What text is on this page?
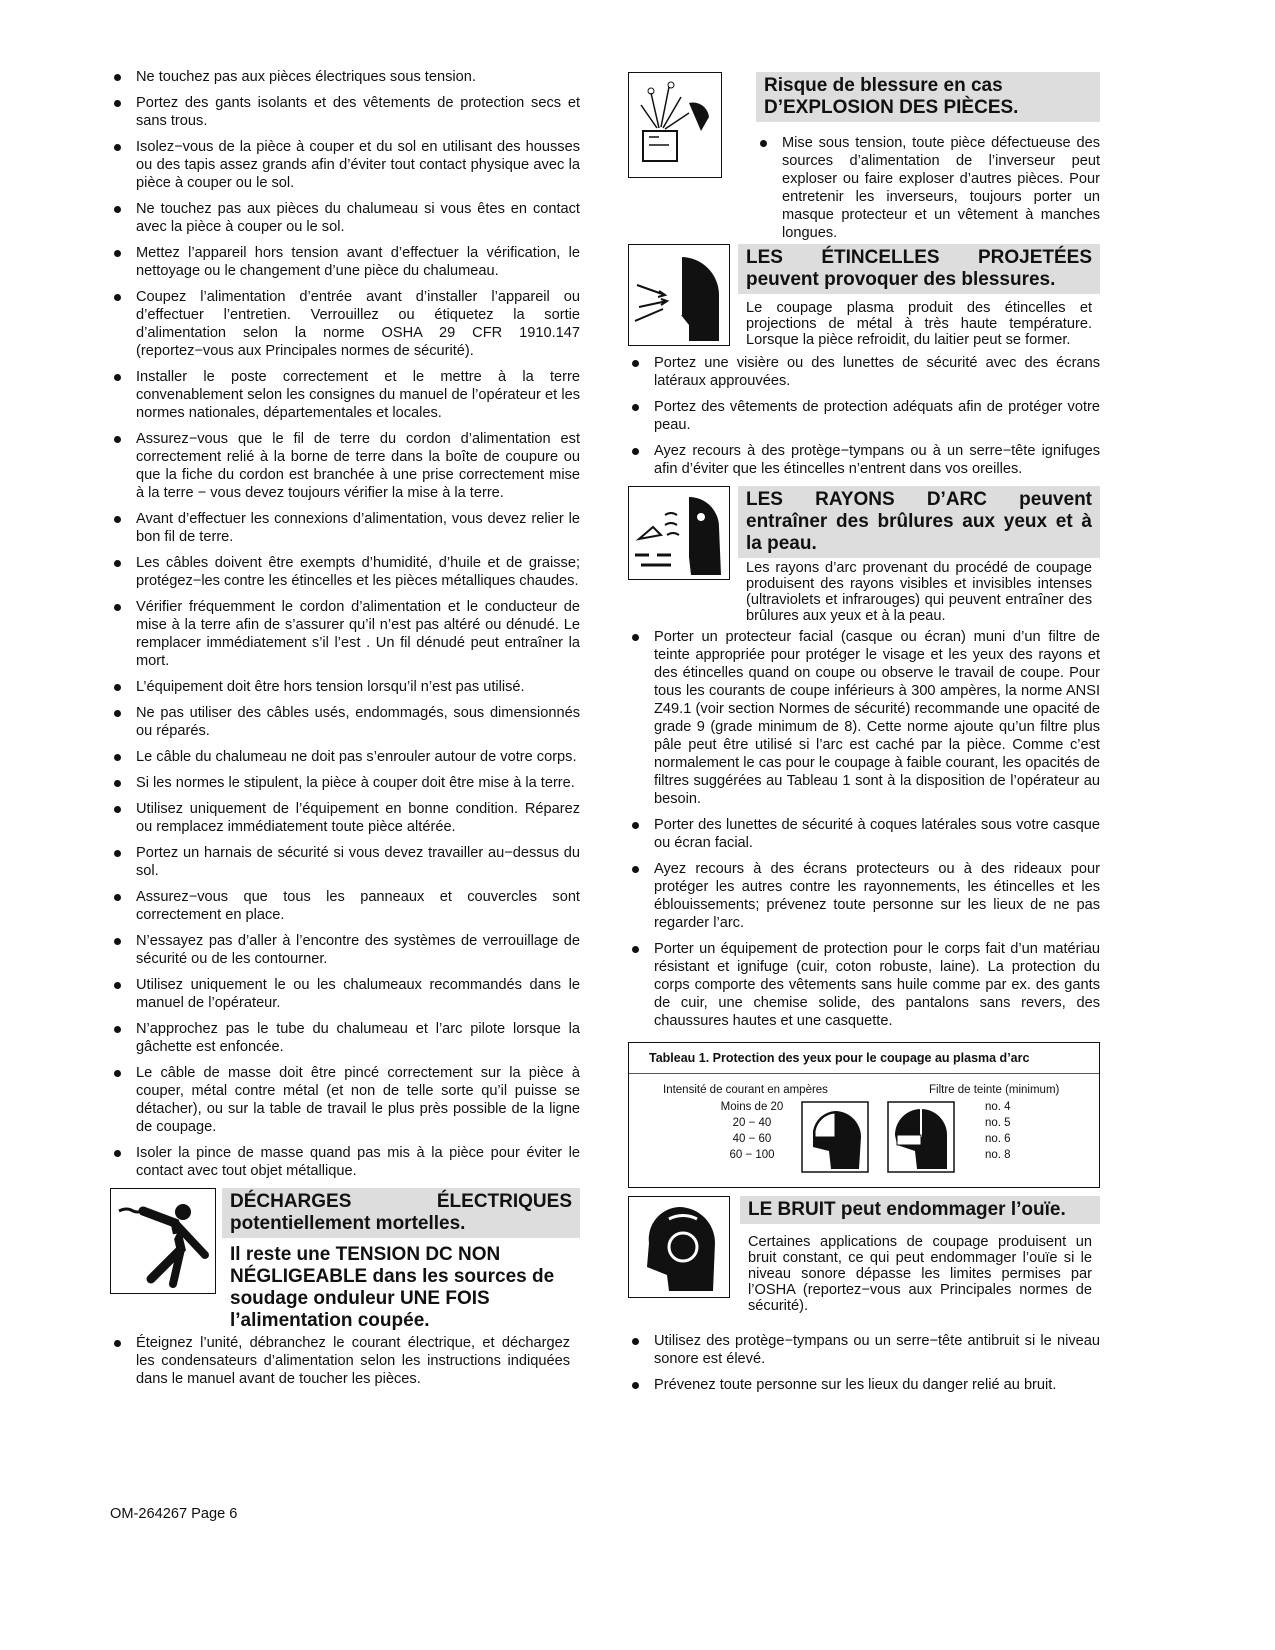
Ne touchez pas aux pièces électriques sous tension.
Portez des gants isolants et des vêtements de protection secs et sans trous.
Isolez−vous de la pièce à couper et du sol en utilisant des housses ou des tapis assez grands afin d’éviter tout contact physique avec la pièce à couper ou le sol.
Ne touchez pas aux pièces du chalumeau si vous êtes en contact avec la pièce à couper ou le sol.
Mettez l’appareil hors tension avant d’effectuer la vérification, le nettoyage ou le changement d’une pièce du chalumeau.
Coupez l’alimentation d’entrée avant d’installer l’appareil ou d’effectuer l’entretien. Verrouillez ou étiquetez la sortie d’alimentation selon la norme OSHA 29 CFR 1910.147 (reportez−vous aux Principales normes de sécurité).
Installer le poste correctement et le mettre à la terre convenablement selon les consignes du manuel de l’opérateur et les normes nationales, départementales et locales.
Assurez−vous que le fil de terre du cordon d’alimentation est correctement relié à la borne de terre dans la boîte de coupure ou que la fiche du cordon est branchée à une prise correctement mise à la terre − vous devez toujours vérifier la mise à la terre.
Avant d’effectuer les connexions d’alimentation, vous devez relier le bon fil de terre.
Les câbles doivent être exempts d’humidité, d’huile et de graisse; protégez−les contre les étincelles et les pièces métalliques chaudes.
Vérifier fréquemment le cordon d’alimentation et le conducteur de mise à la terre afin de s’assurer qu’il n’est pas altéré ou dénudé. Le remplacer immédiatement s’il l’est . Un fil dénudé peut entraîner la mort.
L’équipement doit être hors tension lorsqu’il n’est pas utilisé.
Ne pas utiliser des câbles usés, endommagés, sous dimensionnés ou réparés.
Le câble du chalumeau ne doit pas s’enrouler autour de votre corps.
Si les normes le stipulent, la pièce à couper doit être mise à la terre.
Utilisez uniquement de l’équipement en bonne condition. Réparez ou remplacez immédiatement toute pièce altérée.
Portez un harnais de sécurité si vous devez travailler au−dessus du sol.
Assurez−vous que tous les panneaux et couvercles sont correctement en place.
N’essayez pas d’aller à l’encontre des systèmes de verrouillage de sécurité ou de les contourner.
Utilisez uniquement le ou les chalumeaux recommandés dans le manuel de l’opérateur.
N’approchez pas le tube du chalumeau et l’arc pilote lorsque la gâchette est enfoncée.
Le câble de masse doit être pincé correctement sur la pièce à couper, métal contre métal (et non de telle sorte qu’il puisse se détacher), ou sur la table de travail le plus près possible de la ligne de coupage.
Isoler la pince de masse quand pas mis à la pièce pour éviter le contact avec tout objet métallique.
DÉCHARGES ÉLECTRIQUES potentiellement mortelles.
Il reste une TENSION DC NON NÉGLIGEABLE dans les sources de soudage onduleur UNE FOIS l’alimentation coupée.
Éteignez l’unité, débranchez le courant électrique, et déchargez les condensateurs d’alimentation selon les instructions indiquées dans le manuel avant de toucher les pièces.
Risque de blessure en cas D’EXPLOSION DES PIÈCES.
Mise sous tension, toute pièce défectueuse des sources d’alimentation de l’inverseur peut exploser ou faire exploser d’autres pièces. Pour entretenir les inverseurs, toujours porter un masque protecteur et un vêtement à manches longues.
LES ÉTINCELLES PROJETÉES peuvent provoquer des blessures.
Le coupage plasma produit des étincelles et projections de métal à très haute température. Lorsque la pièce refroidit, du laitier peut se former.
Portez une visière ou des lunettes de sécurité avec des écrans latéraux approuvées.
Portez des vêtements de protection adéquats afin de protéger votre peau.
Ayez recours à des protège−tympans ou à un serre−tête ignifuges afin d’éviter que les étincelles n’entrent dans vos oreilles.
LES RAYONS D’ARC peuvent entraîner des brûlures aux yeux et à la peau.
Les rayons d’arc provenant du procédé de coupage produisent des rayons visibles et invisibles intenses (ultraviolets et infrarouges) qui peuvent entraîner des brûlures aux yeux et à la peau.
Porter un protecteur facial (casque ou écran) muni d’un filtre de teinte appropriée pour protéger le visage et les yeux des rayons et des étincelles quand on coupe ou observe le travail de coupe. Pour tous les courants de coupe inférieurs à 300 ampères, la norme ANSI Z49.1 (voir section Normes de sécurité) recommande une opacité de grade 9 (grade minimum de 8). Cette norme ajoute qu’un filtre plus pâle peut être utilisé si l’arc est caché par la pièce. Comme c’est normalement le cas pour le coupage à faible courant, les opacités de filtres suggérées au Tableau 1 sont à la disposition de l’opérateur au besoin.
Porter des lunettes de sécurité à coques latérales sous votre casque ou écran facial.
Ayez recours à des écrans protecteurs ou à des rideaux pour protéger les autres contre les rayonnements, les étincelles et les éblouissements; prévenez toute personne sur les lieux de ne pas regarder l’arc.
Porter un équipement de protection pour le corps fait d’un matériau résistant et ignifuge (cuir, coton robuste, laine). La protection du corps comporte des vêtements sans huile comme par ex. des gants de cuir, une chemise solide, des pantalons sans revers, des chaussures hautes et une casquette.
Tableau 1. Protection des yeux pour le coupage au plasma d’arc
Intensité de courant en ampères	Filtre de teinte (minimum)
Moins de 20
20 − 40
40 − 60
60 − 100
no. 4
no. 5
no. 6
no. 8
LE BRUIT peut endommager l’ouïe.
Certaines applications de coupage produisent un bruit constant, ce qui peut endommager l’ouïe si le niveau sonore dépasse les limites permises par l’OSHA (reportez−vous aux Principales normes de sécurité).
Utilisez des protège−tympans ou un serre−tête antibruit si le niveau sonore est élevé.
Prévenez toute personne sur les lieux du danger relié au bruit.
OM-264267 Page 6
